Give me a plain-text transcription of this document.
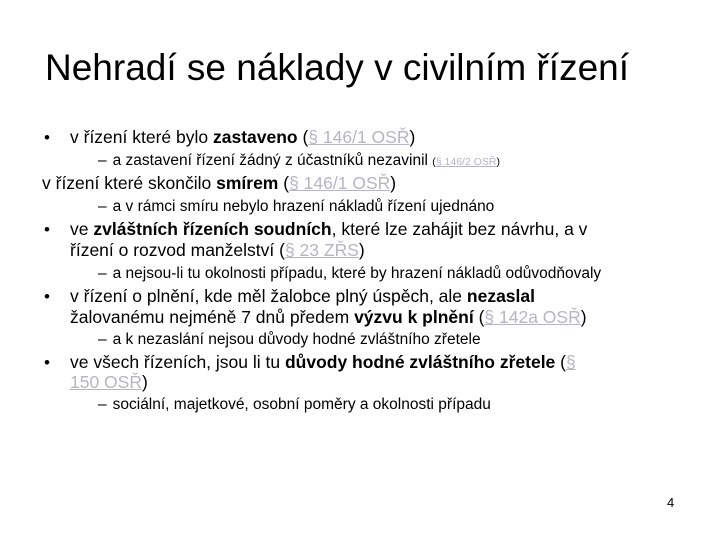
Nehradí se náklady v civilním řízení
• v řízení které bylo zastaveno (§ 146/1 OSŘ)
– a zastavení řízení žádný z účastníků nezavinil (§ 146/2 OSŘ)
v řízení které skončilo smírem (§ 146/1 OSŘ)
– a v rámci smíru nebylo hrazení nákladů řízení ujednáno
• ve zvláštních řízeních soudních, které lze zahájit bez návrhu, a v
řízení o rozvod manželství (§ 23 ZŘS)
– a nejsou-li tu okolnosti případu, které by hrazení nákladů odůvodňovaly
• v řízení o plnění, kde měl žalobce plný úspěch, ale nezaslal
žalovanému nejméně 7 dnů předem výzvu k plnění (§ 142a OSŘ)
– a k nezaslání nejsou důvody hodné zvláštního zřetele
• ve všech řízeních, jsou li tu důvody hodné zvláštního zřetele (§
150 OSŘ)
– sociální, majetkové, osobní poměry a okolnosti případu
4
